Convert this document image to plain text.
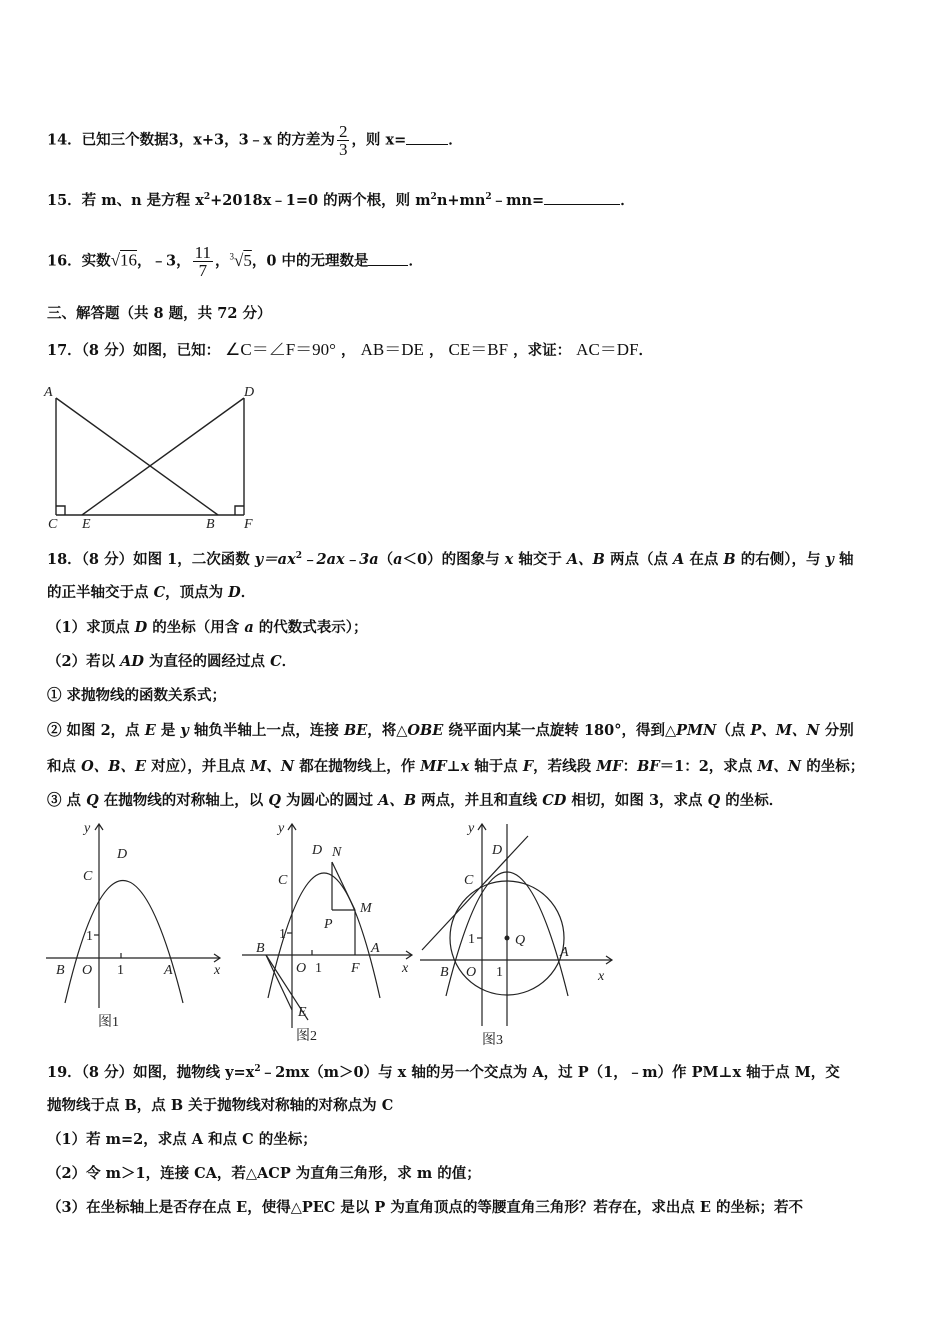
14．已知三个数据3，x+3，3﹣x 的方差为 $\frac{2}{3}$ ，则 x=	．
15．若 m、n 是方程 $x^2+2018x﹣1=0$ 的两个根，则 $m^2n+mn^2﹣mn=$	．
16．实数√16，﹣3， $\frac{11}{7}$ ，$^3$√5，0 中的无理数是	．
三、解答题（共 8 题，共 72 分）
17．（8 分）如图，已知： ∠C＝∠F＝90° ， AB＝DE ， CE＝BF ，求证： AC＝DF．
A	D
C E	B F
18．（8 分）如图 1，二次函数 $y=ax^2﹣2ax﹣3a(a<0)$的图象与 x 轴交于 A、B 两点（点 A 在点 B 的右侧），与 y 轴
的正半轴交于点 C，顶点为 D．
（1）求顶点 D 的坐标（用含 a 的代数式表示）；
（2）若以 AD 为直径的圆经过点 C．
① 求抛物线的函数关系式；
② 如图 2，点 E 是 y 轴负半轴上一点，连接 BE，将△OBE 绕平面内某一点旋转 180°，得到△PMN（点 P、M、N 分别
和点 O、B、E 对应），并且点 M、N 都在抛物线上，作 MF⊥x 轴于点 F，若线段 MF：BF＝1：2，求点 M、N 的坐标；
③ 点 Q 在抛物线的对称轴上，以 Q 为圆心的圆过 A、B 两点，并且和直线 CD 相切，如图 3，求点 Q 的坐标．
y
x
C
D
1
B O 1	A
图1
y
x
C
D N
M
P
1
B
O 1 F
A
E
图2
y
x
C
D
Q
1
B O 1
A
图3
19．（8 分）如图，抛物线 $y=x^2﹣2mx(m>0)$与 x 轴的另一个交点为 A，过 P（1，﹣m）作 PM⊥x 轴于点 M，交
抛物线于点 B，点 B 关于抛物线对称轴的对称点为 C
（1）若 m=2，求点 A 和点 C 的坐标；
（2）令 m＞1，连接 CA，若△ACP 为直角三角形，求 m 的值；
（3）在坐标轴上是否存在点 E，使得△PEC 是以 P 为直角顶点的等腰直角三角形？若存在，求出点 E 的坐标；若不
